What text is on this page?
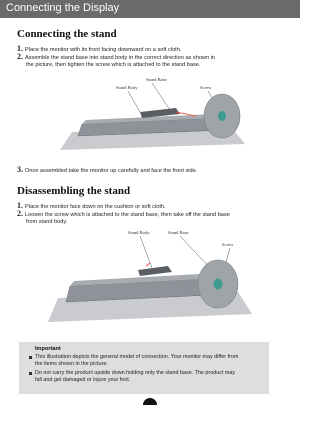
Connecting the Display
Connecting the stand
1. Place the monitor with its front facing downward on a soft cloth.
2. Assemble the stand base into stand body in the correct direction as shown in
the picture, then tighten the screw which is attached to the stand base.
Stand Base
Stand Body	Screw
3. Once assembled take the monitor up carefully and face the front side.
Disassembling the stand
1. Place the monitor face down on the cushion or soft cloth.
2. Loosen the screw which is attached to the stand base, then take off the stand base
from stand body.
Stand Body	Stand Base
Screw
Important
This illustration depicts the general model of connection. Your monitor may differ from
the items shown in the picture.
Do not carry the product upside down holding only the stand base. The product may
fall and get damaged or injure your foot.
